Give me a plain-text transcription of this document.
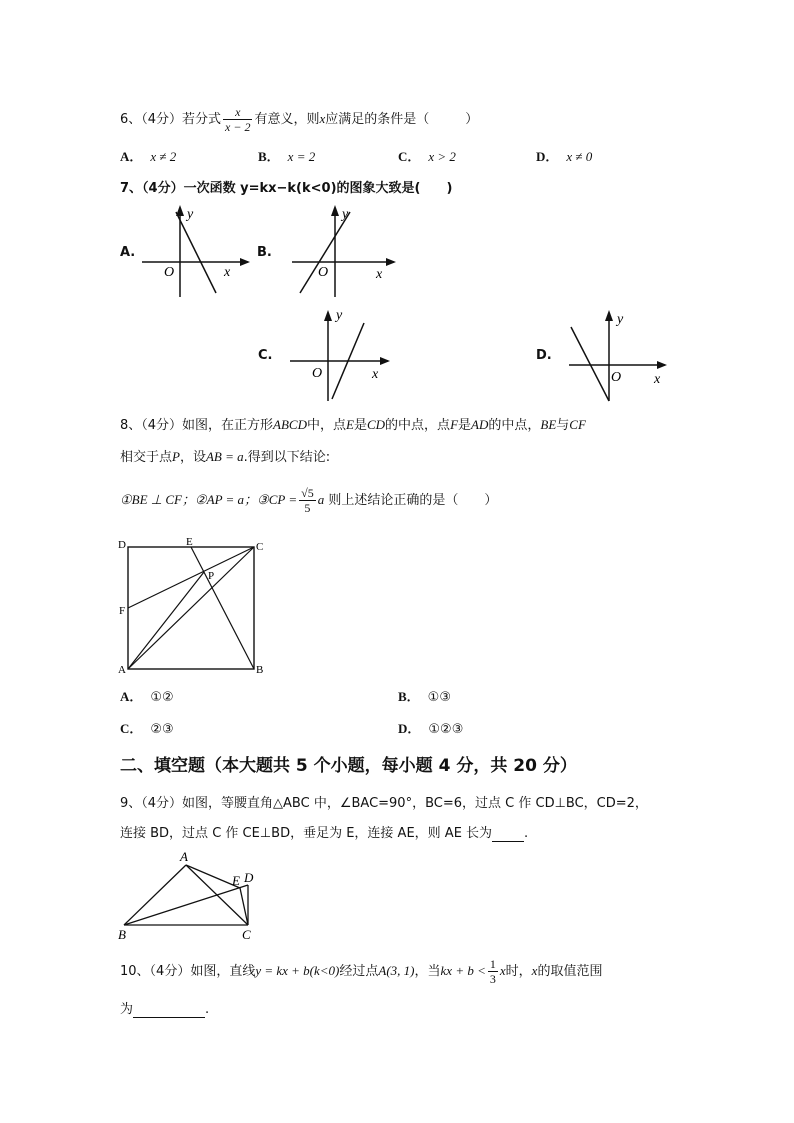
6、（4分）若分式 $\frac{x}{x - 2}$ 有意义，则x应满足的条件是（	）
A． x ≠ 2	B． x = 2	C． x > 2	D． x ≠ 0
7、（4分）一次函数 y=kx−k(k<0)的图象大致是(　　)
A.
y
x
O
B.
y
x
O
C.
y
x
O
D.
y
x
O
8、（4分）如图，在正方形ABCD中，点E是CD的中点，点F是AD的中点，BE与CF
相交于点P，设AB = a.得到以下结论:
①BE ⊥ CF；②AP = a；③CP = $\frac{√5}{5}$ a 则上述结论正确的是（　　）
D	E	C
P
F
A	B
A． ①②	B． ①③
C． ②③	D． ①②③
二、填空题（本大题共 5 个小题，每小题 4 分，共 20 分）
9、（4分）如图，等腰直角△ABC 中，∠BAC=90°，BC=6，过点 C 作 CD⊥BC，CD=2，
连接 BD，过点 C 作 CE⊥BD，垂足为 E，连接 AE，则 AE 长为 .
A
E D
B	C
10、（4分）如图，直线y = kx + b(k<0)经过点A(3, 1)，当kx + $b < \frac{1}{3}$ x时，x的取值范围
为	.
